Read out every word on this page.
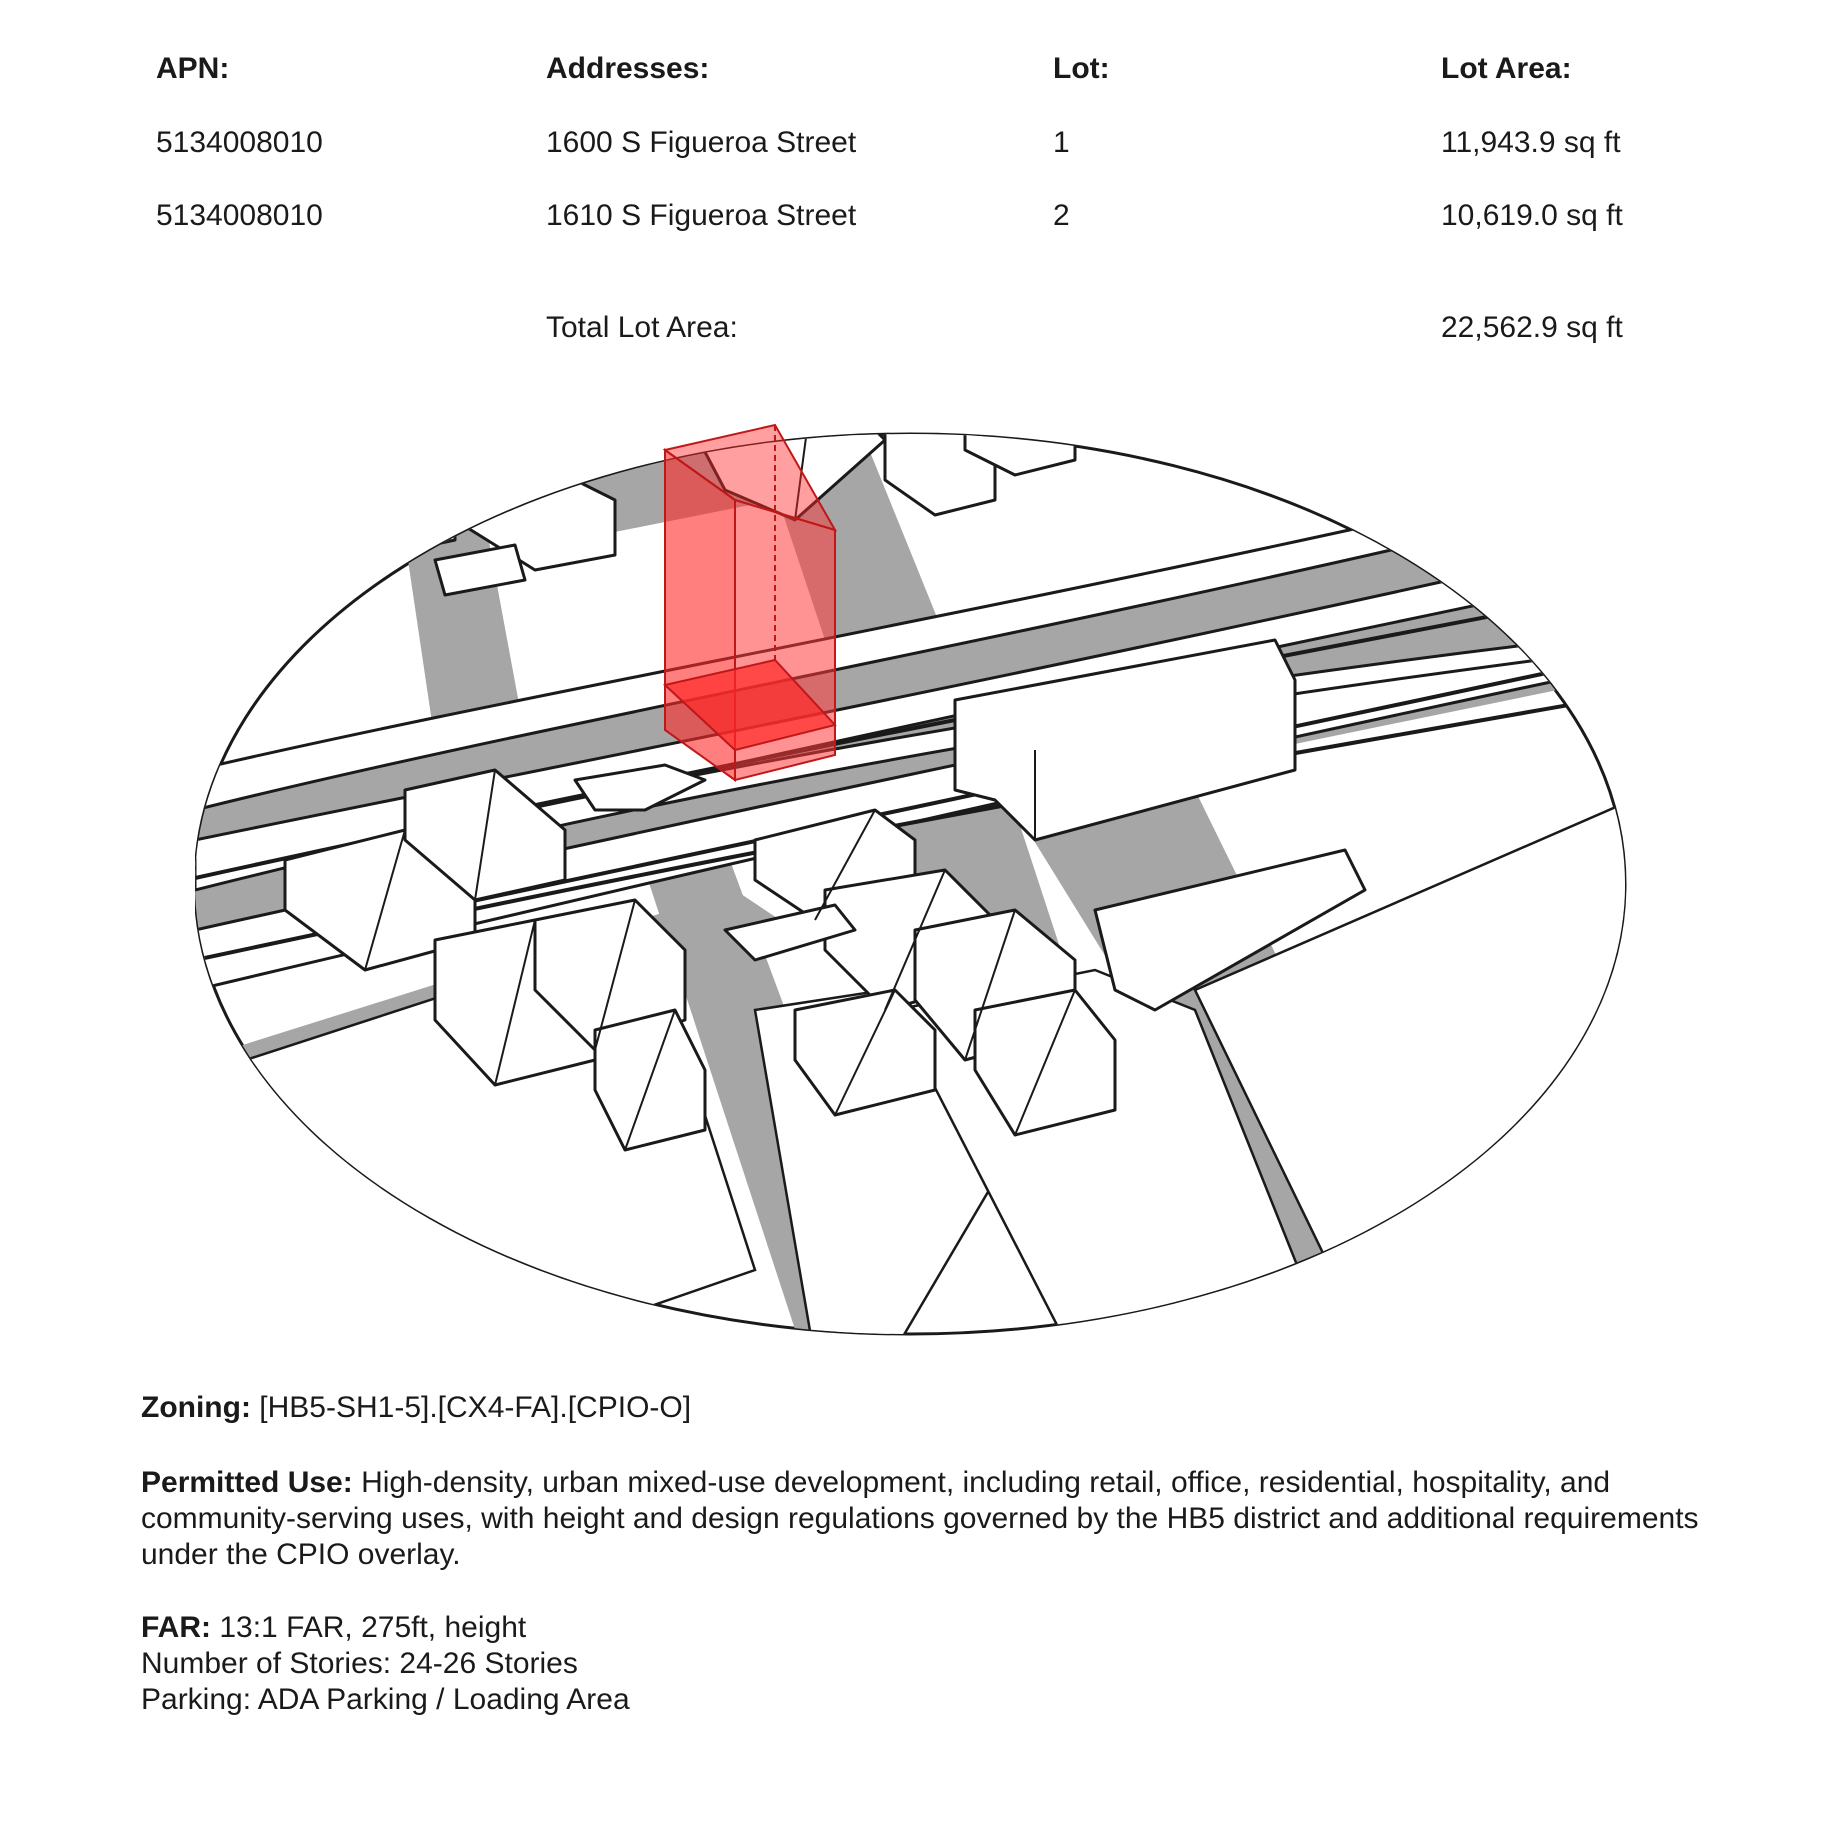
APN:	Addresses:	Lot:	Lot Area:
5134008010	1600 S Figueroa Street	1	11,943.9 sq ft
5134008010	1610 S Figueroa Street	2	10,619.0 sq ft
Total Lot Area:	22,562.9 sq ft
Zoning: [HB5-SH1-5].[CX4-FA].[CPIO-O]
Permitted Use: High-density, urban mixed-use development, including retail, office, residential, hospitality, and community-serving uses, with height and design regulations governed by the HB5 district and additional requirements under the CPIO overlay.
FAR: 13:1 FAR, 275ft, height
Number of Stories: 24-26 Stories
Parking: ADA Parking / Loading Area
